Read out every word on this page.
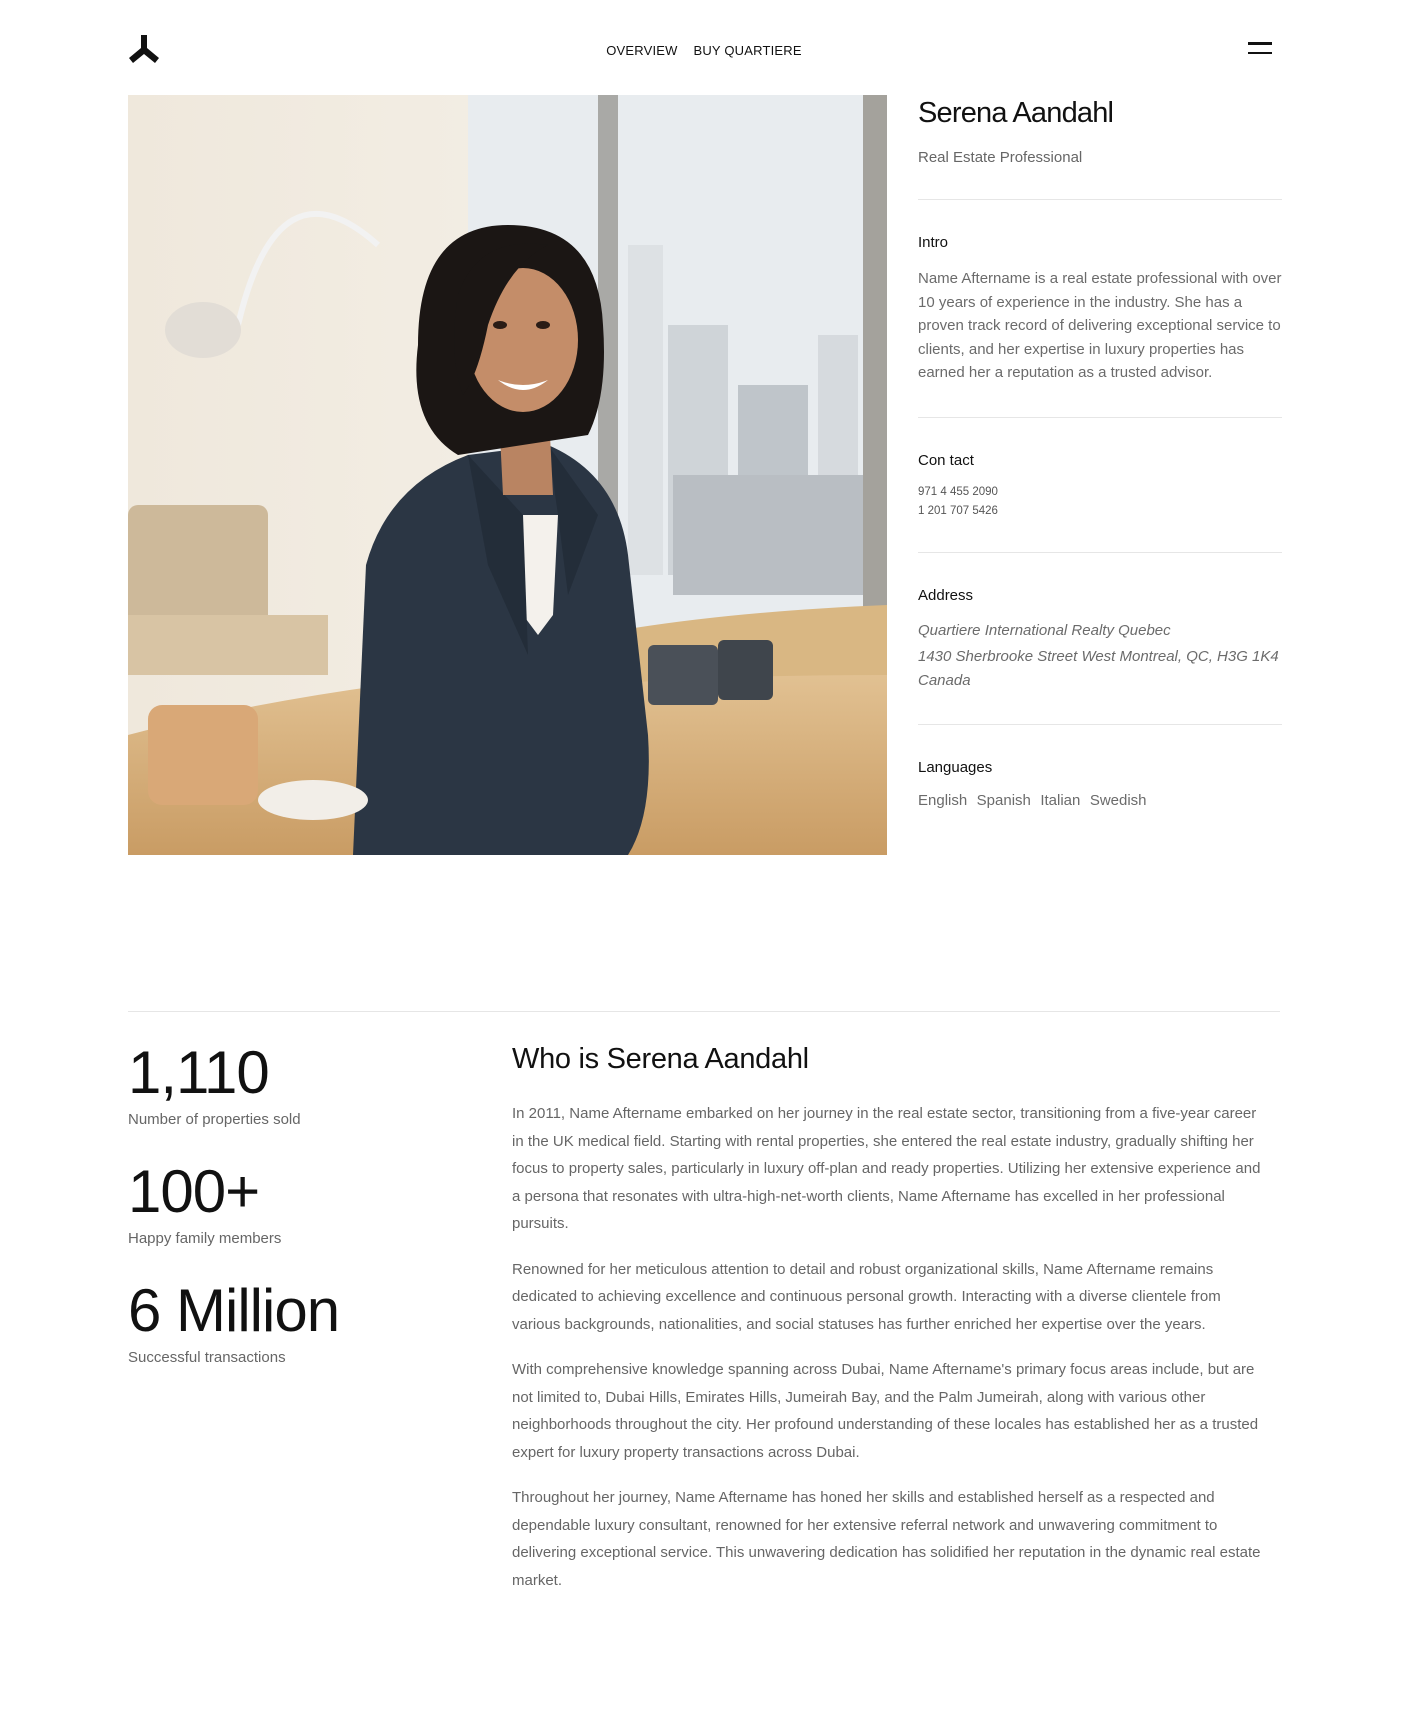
OVERVIEW BUY QUARTIERE
Serena Aandahl
Real Estate Professional
Intro
Name Aftername is a real estate professional with over 10 years of experience in the industry. She has a proven track record of delivering exceptional service to clients, and her expertise in luxury properties has earned her a reputation as a trusted advisor.
Con tact
971 4 455 2090
1 201 707 5426
Address
Quartiere International Realty Quebec
1430 Sherbrooke Street West Montreal, QC, H3G 1K4 Canada
Languages
English Spanish Italian Swedish
1,110
Number of properties sold
100+
Happy family members
6 Million
Successful transactions
Who is Serena Aandahl

In 2011, Name Aftername embarked on her journey in the real estate sector, transitioning from a five-year career in the UK medical field. Starting with rental properties, she entered the real estate industry, gradually shifting her focus to property sales, particularly in luxury off-plan and ready properties. Utilizing her extensive experience and a persona that resonates with ultra-high-net-worth clients, Name Aftername has excelled in her professional pursuits.

Renowned for her meticulous attention to detail and robust organizational skills, Name Aftername remains dedicated to achieving excellence and continuous personal growth. Interacting with a diverse clientele from various backgrounds, nationalities, and social statuses has further enriched her expertise over the years.

With comprehensive knowledge spanning across Dubai, Name Aftername's primary focus areas include, but are not limited to, Dubai Hills, Emirates Hills, Jumeirah Bay, and the Palm Jumeirah, along with various other neighborhoods throughout the city. Her profound understanding of these locales has established her as a trusted expert for luxury property transactions across Dubai.

Throughout her journey, Name Aftername has honed her skills and established herself as a respected and dependable luxury consultant, renowned for her extensive referral network and unwavering commitment to delivering exceptional service. This unwavering dedication has solidified her reputation in the dynamic real estate market.
